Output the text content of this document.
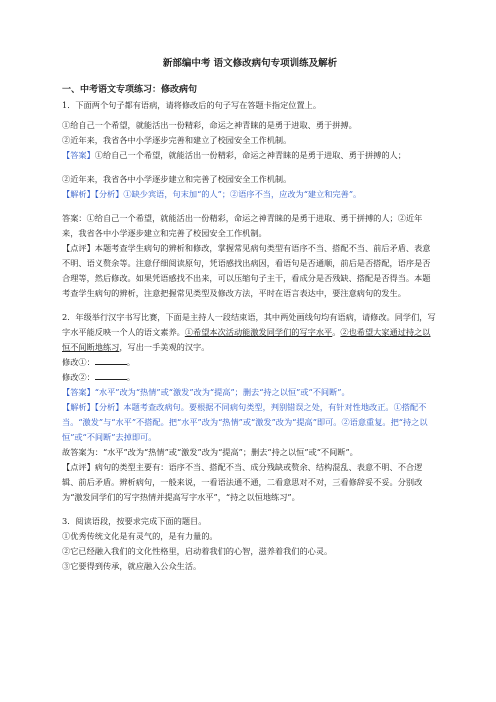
新部编中考 语文修改病句专项训练及解析

一、中考语文专项练习：修改病句

1．下面两个句子都有语病，请将修改后的句子写在答题卡指定位置上。

①给自己一个希望，就能活出一份精彩，命运之神青睐的是勇于进取、勇于拼搏。

②近年来，我省各中小学逐步完善和建立了校园安全工作机制。

【答案】①给自己一个希望，就能活出一份精彩，命运之神青睐的是勇于进取、勇于拼搏的人；

②近年来，我省各中小学逐步建立和完善了校园安全工作机制。

【解析】【分析】①缺少宾语，句末加“的人”；②语序不当，应改为“建立和完善”。

答案：①给自己一个希望，就能活出一份精彩，命运之神青睐的是勇于进取、勇于拼搏的人；②近年来，我省各中小学逐步建立和完善了校园安全工作机制。

【点评】本题考查学生病句的辨析和修改，掌握常见病句类型有语序不当、搭配不当、前后矛盾、表意不明、语义赘余等。注意仔细阅读原句，凭语感找出病因，看语句是否通顺，前后是否搭配，语序是否合理等，然后修改。如果凭语感找不出来，可以压缩句子主干，看成分是否残缺、搭配是否得当。本题考查学生病句的辨析，注意把握常见类型及修改方法，平时在语言表达中，要注意病句的发生。

2．年级举行汉字书写比赛，下面是主持人一段结束语，其中两处画线句均有语病，请修改。同学们，写字水平能反映一个人的语文素养。①希望本次活动能激发同学们的写字水平。②也希望大家通过持之以恒不间断地练习，写出一手美观的汉字。

修改①：	。

修改②：	。

【答案】“水平”改为“热情”或“激发”改为“提高”；删去“持之以恒”或“不间断”。

【解析】【分析】本题考查改病句。要根据不同病句类型，判别错误之处，有针对性地改正。①搭配不当。“激发”与“水平”不搭配。把“水平”改为“热情”或“激发”改为“提高”即可。②语意重复。把“持之以恒”或“不间断”去掉即可。

故答案为：“水平”改为“热情”或“激发”改为“提高”；删去“持之以恒”或“不间断”。

【点评】病句的类型主要有：语序不当、搭配不当、成分残缺或赘余、结构混乱、表意不明、不合逻辑、前后矛盾。辨析病句，一般来说，一看语法通不通，二看意思对不对，三看修辞妥不妥。分别改为“激发同学们的写字热情并提高写字水平”，“持之以恒地练习”。

3．阅读语段，按要求完成下面的题目。

①优秀传统文化是有灵气的，是有力量的。

②它已经融入我们的文化性格里，启动着我们的心智，滋养着我们的心灵。

③它要得到传承，就应融入公众生活。
